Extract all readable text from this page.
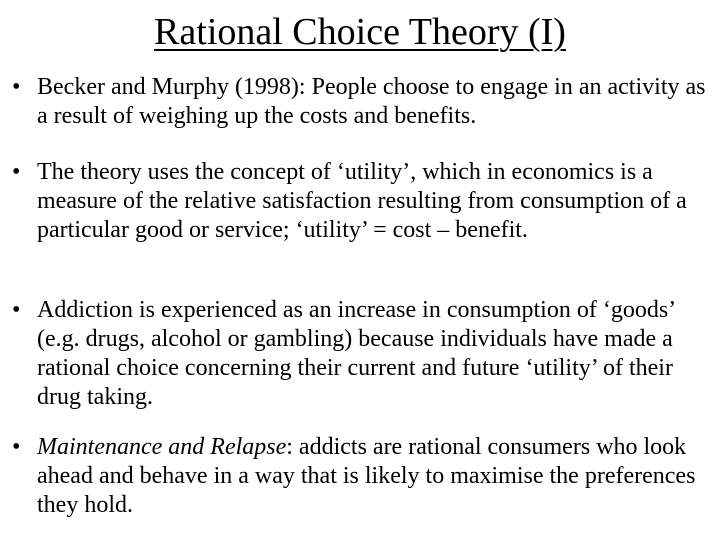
Rational Choice Theory (I)
• Becker and Murphy (1998): People choose to engage in an activity as a result of weighing up the costs and benefits.
• The theory uses the concept of ‘utility’, which in economics is a measure of the relative satisfaction resulting from consumption of a particular good or service; ‘utility’ = cost – benefit.
• Addiction is experienced as an increase in consumption of ‘goods’ (e.g. drugs, alcohol or gambling) because individuals have made a rational choice concerning their current and future ‘utility’ of their drug taking.
• Maintenance and Relapse: addicts are rational consumers who look ahead and behave in a way that is likely to maximise the preferences they hold.
